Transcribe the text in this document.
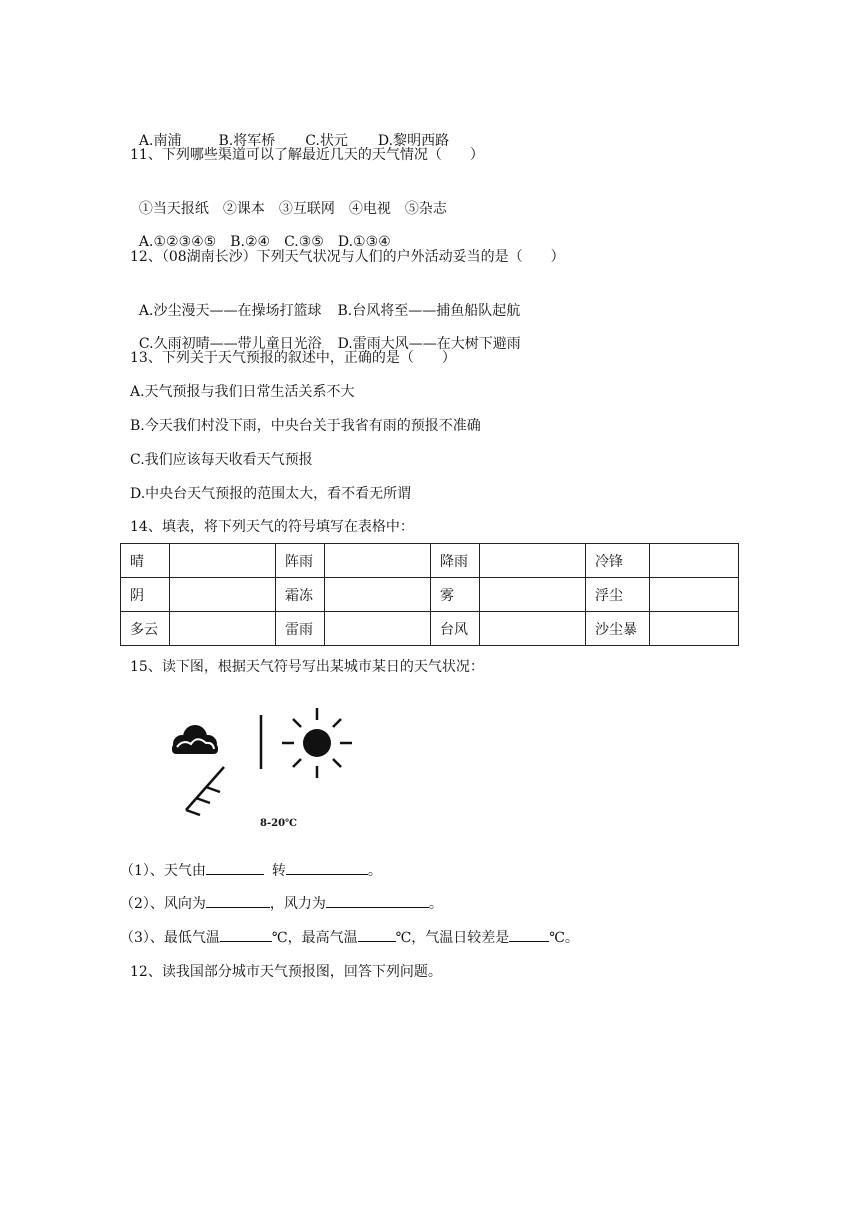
A.南浦	B.将军桥 C.状元 D.黎明西路

11、下列哪些渠道可以了解最近几天的天气情况（　　）

①当天报纸 ②课本 ③互联网 ④电视 ⑤杂志

A.①②③④⑤ B.②④ C.③⑤ D.①③④

12、（08湖南长沙）下列天气状况与人们的户外活动妥当的是（　　）

A.沙尘漫天——在操场打篮球 B.台风将至——捕鱼船队起航

C.久雨初晴——带儿童日光浴 D.雷雨大风——在大树下避雨

13、下列关于天气预报的叙述中，正确的是（　　）
A.天气预报与我们日常生活关系不大
B.今天我们村没下雨，中央台关于我省有雨的预报不准确
C.我们应该每天收看天气预报
D.中央台天气预报的范围太大，看不看无所谓
14、填表，将下列天气的符号填写在表格中：
晴		阵雨		降雨		冷锋	
阴		霜冻		雾		浮尘	
多云		雷雨		台风		沙尘暴	
15、读下图，根据天气符号写出某城市某日的天气状况：
8-20℃
（1）、天气由	转	。
（2）、风向为	，风力为	。
（3）、最低气温	℃，最高气温	℃，气温日较差是	℃。
12、读我国部分城市天气预报图，回答下列问题。
